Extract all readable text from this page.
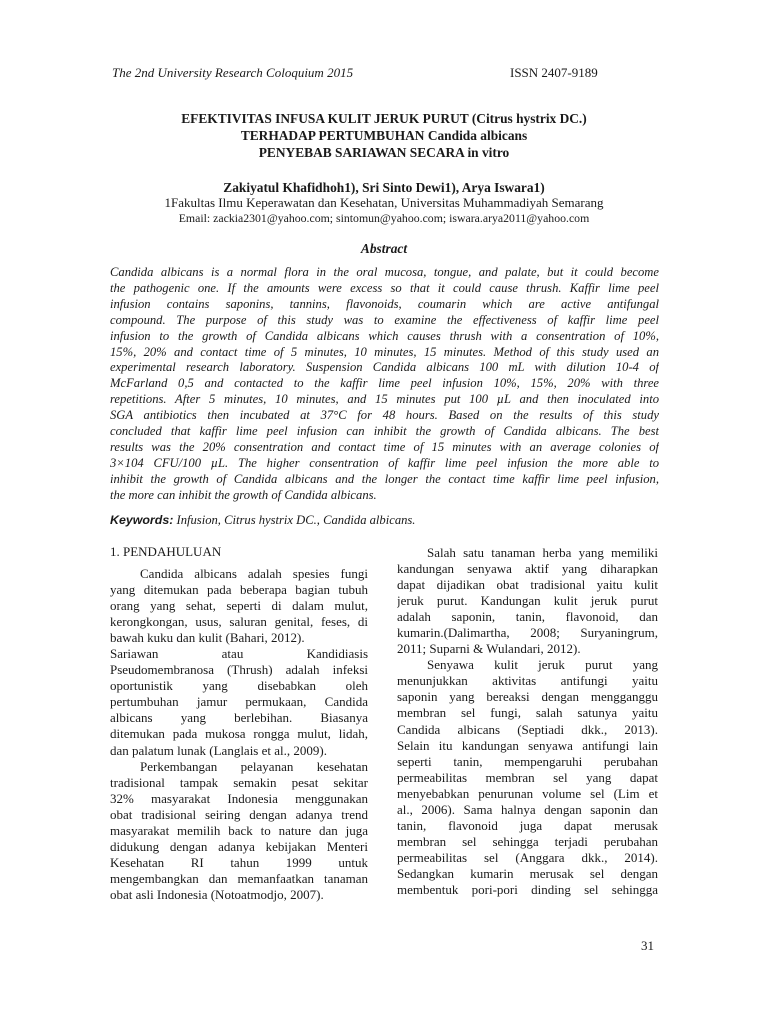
The 2nd University Research Coloquium 2015	ISSN 2407-9189
EFEKTIVITAS INFUSA KULIT JERUK PURUT (Citrus hystrix DC.)
TERHADAP PERTUMBUHAN Candida albicans
PENYEBAB SARIAWAN SECARA in vitro
Zakiyatul Khafidhoh1), Sri Sinto Dewi1), Arya Iswara1)
1Fakultas Ilmu Keperawatan dan Kesehatan, Universitas Muhammadiyah Semarang
Email: zackia2301@yahoo.com; sintomun@yahoo.com; iswara.arya2011@yahoo.com
Abstract
Candida albicans is a normal flora in the oral mucosa, tongue, and palate, but it could become
the pathogenic one. If the amounts were excess so that it could cause thrush. Kaffir lime peel
infusion contains saponins, tannins, flavonoids, coumarin which are active antifungal
compound. The purpose of this study was to examine the effectiveness of kaffir lime peel
infusion to the growth of Candida albicans which causes thrush with a consentration of 10%,
15%, 20% and contact time of 5 minutes, 10 minutes, 15 minutes. Method of this study used an
experimental research laboratory. Suspension Candida albicans 100 mL with dilution 10-4 of
McFarland 0,5 and contacted to the kaffir lime peel infusion 10%, 15%, 20% with three
repetitions. After 5 minutes, 10 minutes, and 15 minutes put 100 µL and then inoculated into
SGA antibiotics then incubated at 37°C for 48 hours. Based on the results of this study
concluded that kaffir lime peel infusion can inhibit the growth of Candida albicans. The best
results was the 20% consentration and contact time of 15 minutes with an average colonies of
3×104 CFU/100 µL. The higher consentration of kaffir lime peel infusion the more able to
inhibit the growth of Candida albicans and the longer the contact time kaffir lime peel infusion,
the more can inhibit the growth of Candida albicans.
Keywords: Infusion, Citrus hystrix DC., Candida albicans.
1. PENDAHULUAN
Candida albicans adalah spesies fungi
yang ditemukan pada beberapa bagian tubuh
orang yang sehat, seperti di dalam mulut,
kerongkongan, usus, saluran genital, feses, di
bawah kuku dan kulit (Bahari, 2012).
Sariawan atau Kandidiasis
Pseudomembranosa (Thrush) adalah infeksi
oportunistik yang disebabkan oleh
pertumbuhan jamur permukaan, Candida
albicans yang berlebihan. Biasanya
ditemukan pada mukosa rongga mulut, lidah,
dan palatum lunak (Langlais et al., 2009).
Perkembangan pelayanan kesehatan
tradisional tampak semakin pesat sekitar
32% masyarakat Indonesia menggunakan
obat tradisional seiring dengan adanya trend
masyarakat memilih back to nature dan juga
didukung dengan adanya kebijakan Menteri
Kesehatan RI tahun 1999 untuk
mengembangkan dan memanfaatkan tanaman
obat asli Indonesia (Notoatmodjo, 2007).
Salah satu tanaman herba yang memiliki
kandungan senyawa aktif yang diharapkan
dapat dijadikan obat tradisional yaitu kulit
jeruk purut. Kandungan kulit jeruk purut
adalah saponin, tanin, flavonoid, dan
kumarin.(Dalimartha, 2008; Suryaningrum,
2011; Suparni & Wulandari, 2012).
Senyawa kulit jeruk purut yang
menunjukkan aktivitas antifungi yaitu
saponin yang bereaksi dengan mengganggu
membran sel fungi, salah satunya yaitu
Candida albicans (Septiadi dkk., 2013).
Selain itu kandungan senyawa antifungi lain
seperti tanin, mempengaruhi perubahan
permeabilitas membran sel yang dapat
menyebabkan penurunan volume sel (Lim et
al., 2006). Sama halnya dengan saponin dan
tanin, flavonoid juga dapat merusak
membran sel sehingga terjadi perubahan
permeabilitas sel (Anggara dkk., 2014).
Sedangkan kumarin merusak sel dengan
membentuk pori-pori dinding sel sehingga
31
